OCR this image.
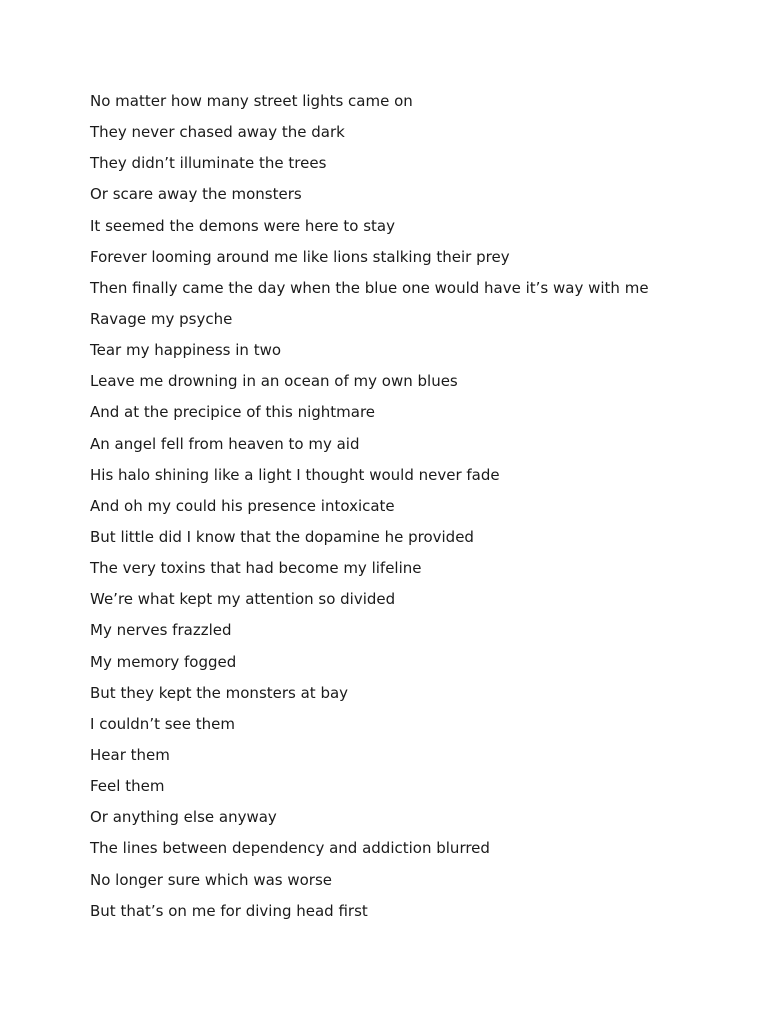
No matter how many street lights came on
They never chased away the dark
They didn’t illuminate the trees
Or scare away the monsters
It seemed the demons were here to stay
Forever looming around me like lions stalking their prey
Then finally came the day when the blue one would have it’s way with me
Ravage my psyche
Tear my happiness in two
Leave me drowning in an ocean of my own blues
And at the precipice of this nightmare
An angel fell from heaven to my aid
His halo shining like a light I thought would never fade
And oh my could his presence intoxicate
But little did I know that the dopamine he provided
The very toxins that had become my lifeline
We’re what kept my attention so divided
My nerves frazzled
My memory fogged
But they kept the monsters at bay
I couldn’t see them
Hear them
Feel them
Or anything else anyway
The lines between dependency and addiction blurred
No longer sure which was worse
But that’s on me for diving head first
